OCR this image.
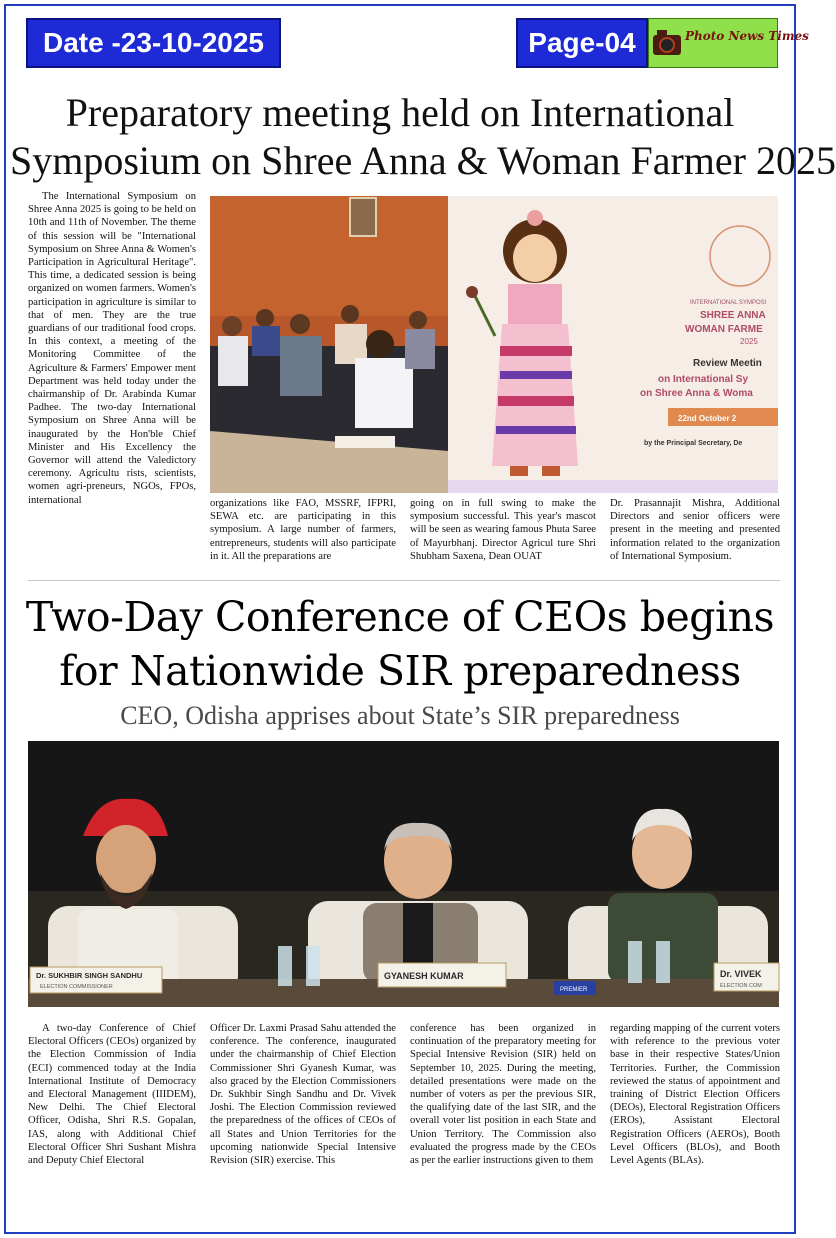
Date -23-10-2025	Page-04	Photo News Times
Preparatory meeting held on International
Symposium on Shree Anna & Woman Farmer 2025

The International Symposium on Shree Anna 2025 is going to be held on 10th and 11th of November. The theme of this session will be "International Symposium on Shree Anna & Women's Participation in Agricultural Heritage". This time, a dedicated session is being organized on women farmers. Women's participation in agriculture is similar to that of men. They are the true guardians of our traditional food crops. In this context, a meeting of the Monitoring Committee of the Agriculture & Farmers' Empower ment Department was held today under the chairmanship of Dr. Arabinda Kumar Padhee. The two-day International Symposium on Shree Anna will be inaugurated by the Hon'ble Chief Minister and His Excellency the Governor will attend the Valedictory ceremony. Agricultu rists, scientists, women agri-preneurs, NGOs, FPOs, international

INTERNATIONAL SYMPOSI
SHREE ANNA
WOMAN FARME
2025
Review Meetin
on International Sy
on Shree Anna & Woma
22nd October 2
by the Principal Secretary, De

organizations like FAO, MSSRF, IFPRI, SEWA etc. are participating in this symposium. A large number of farmers, entrepreneurs, students will also participate in it. All the preparations are

going on in full swing to make the symposium successful. This year's mascot will be seen as wearing famous Phuta Saree of Mayurbhanj. Director Agricul ture Shri Shubham Saxena, Dean OUAT

Dr. Prasannajit Mishra, Additional Directors and senior officers were present in the meeting and presented information related to the organization of International Symposium.

Two-Day Conference of CEOs begins
for Nationwide SIR preparedness
CEO, Odisha apprises about State’s SIR preparedness
Dr. SUKHBIR SINGH SANDHU
ELECTION COMMISSIONER
GYANESH KUMAR
PREMIER
Dr. VIVEK
ELECTION COM

A two-day Conference of Chief Electoral Officers (CEOs) organized by the Election Commission of India (ECI) commenced today at the India International Institute of Democracy and Electoral Management (IIIDEM), New Delhi. The Chief Electoral Officer, Odisha, Shri R.S. Gopalan, IAS, along with Additional Chief Electoral Officer Shri Sushant Mishra and Deputy Chief Electoral

Officer Dr. Laxmi Prasad Sahu attended the conference. The conference, inaugurated under the chairmanship of Chief Election Commissioner Shri Gyanesh Kumar, was also graced by the Election Commissioners Dr. Sukhbir Singh Sandhu and Dr. Vivek Joshi. The Election Commission reviewed the preparedness of the offices of CEOs of all States and Union Territories for the upcoming nationwide Special Intensive Revision (SIR) exercise. This

conference has been organized in continuation of the preparatory meeting for Special Intensive Revision (SIR) held on September 10, 2025. During the meeting, detailed presentations were made on the number of voters as per the previous SIR, the qualifying date of the last SIR, and the overall voter list position in each State and Union Territory. The Commission also evaluated the progress made by the CEOs as per the earlier instructions given to them

regarding mapping of the current voters with reference to the previous voter base in their respective States/Union Territories. Further, the Commission reviewed the status of appointment and training of District Election Officers (DEOs), Electoral Registration Officers (EROs), Assistant Electoral Registration Officers (AEROs), Booth Level Officers (BLOs), and Booth Level Agents (BLAs).
